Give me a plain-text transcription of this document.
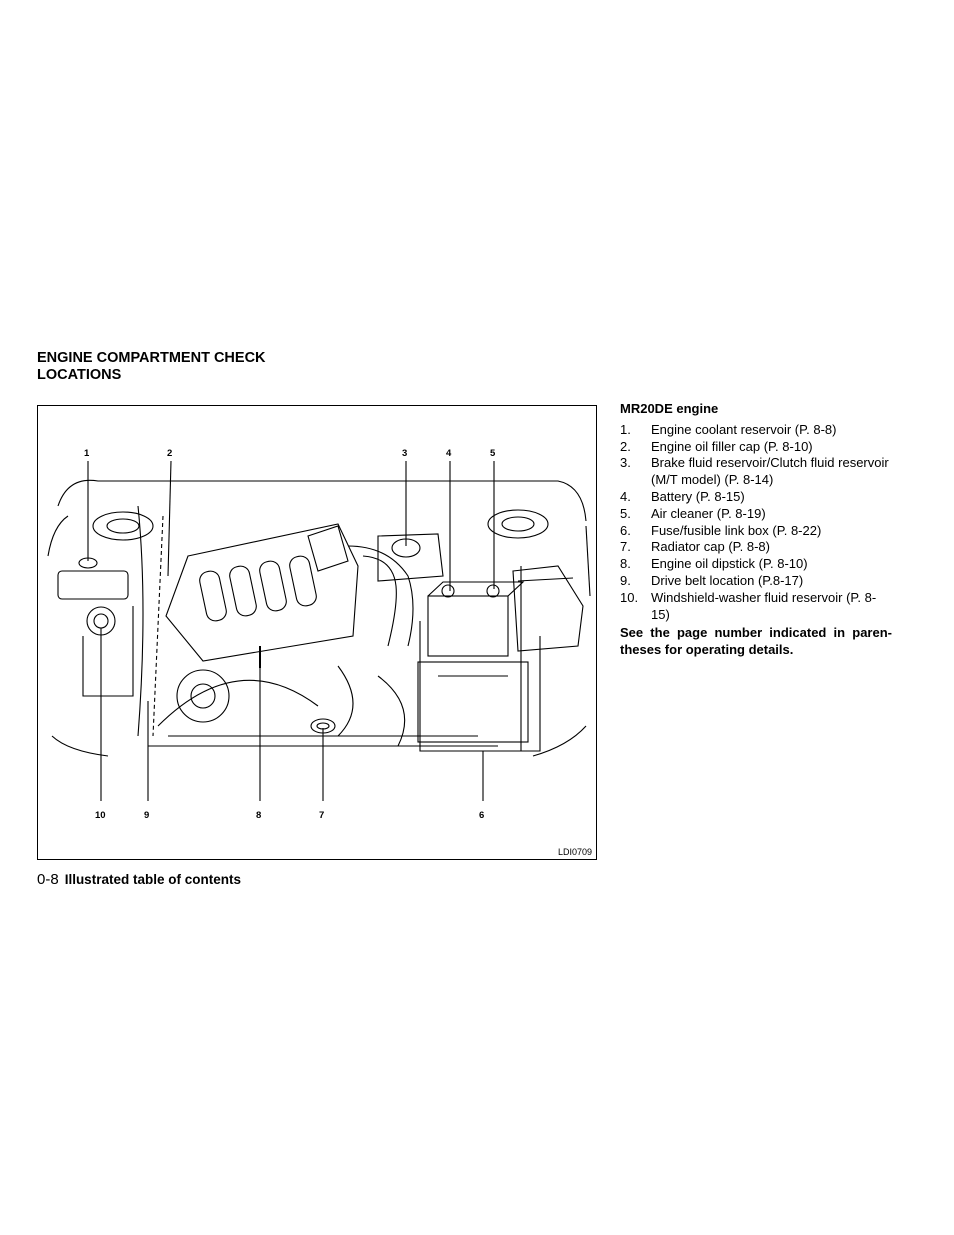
ENGINE COMPARTMENT CHECK LOCATIONS
1	2	3	4	5
10	9	8	7	6
LDI0709
0-8 Illustrated table of contents
MR20DE engine
1.	Engine coolant reservoir (P. 8-8)
2.	Engine oil filler cap (P. 8-10)
3.	Brake fluid reservoir/Clutch fluid reservoir (M/T model) (P. 8-14)
4.	Battery (P. 8-15)
5.	Air cleaner (P. 8-19)
6.	Fuse/fusible link box (P. 8-22)
7.	Radiator cap (P. 8-8)
8.	Engine oil dipstick (P. 8-10)
9.	Drive belt location (P.8-17)
10. Windshield-washer fluid reservoir (P. 8-15)
See the page number indicated in paren-theses for operating details.
